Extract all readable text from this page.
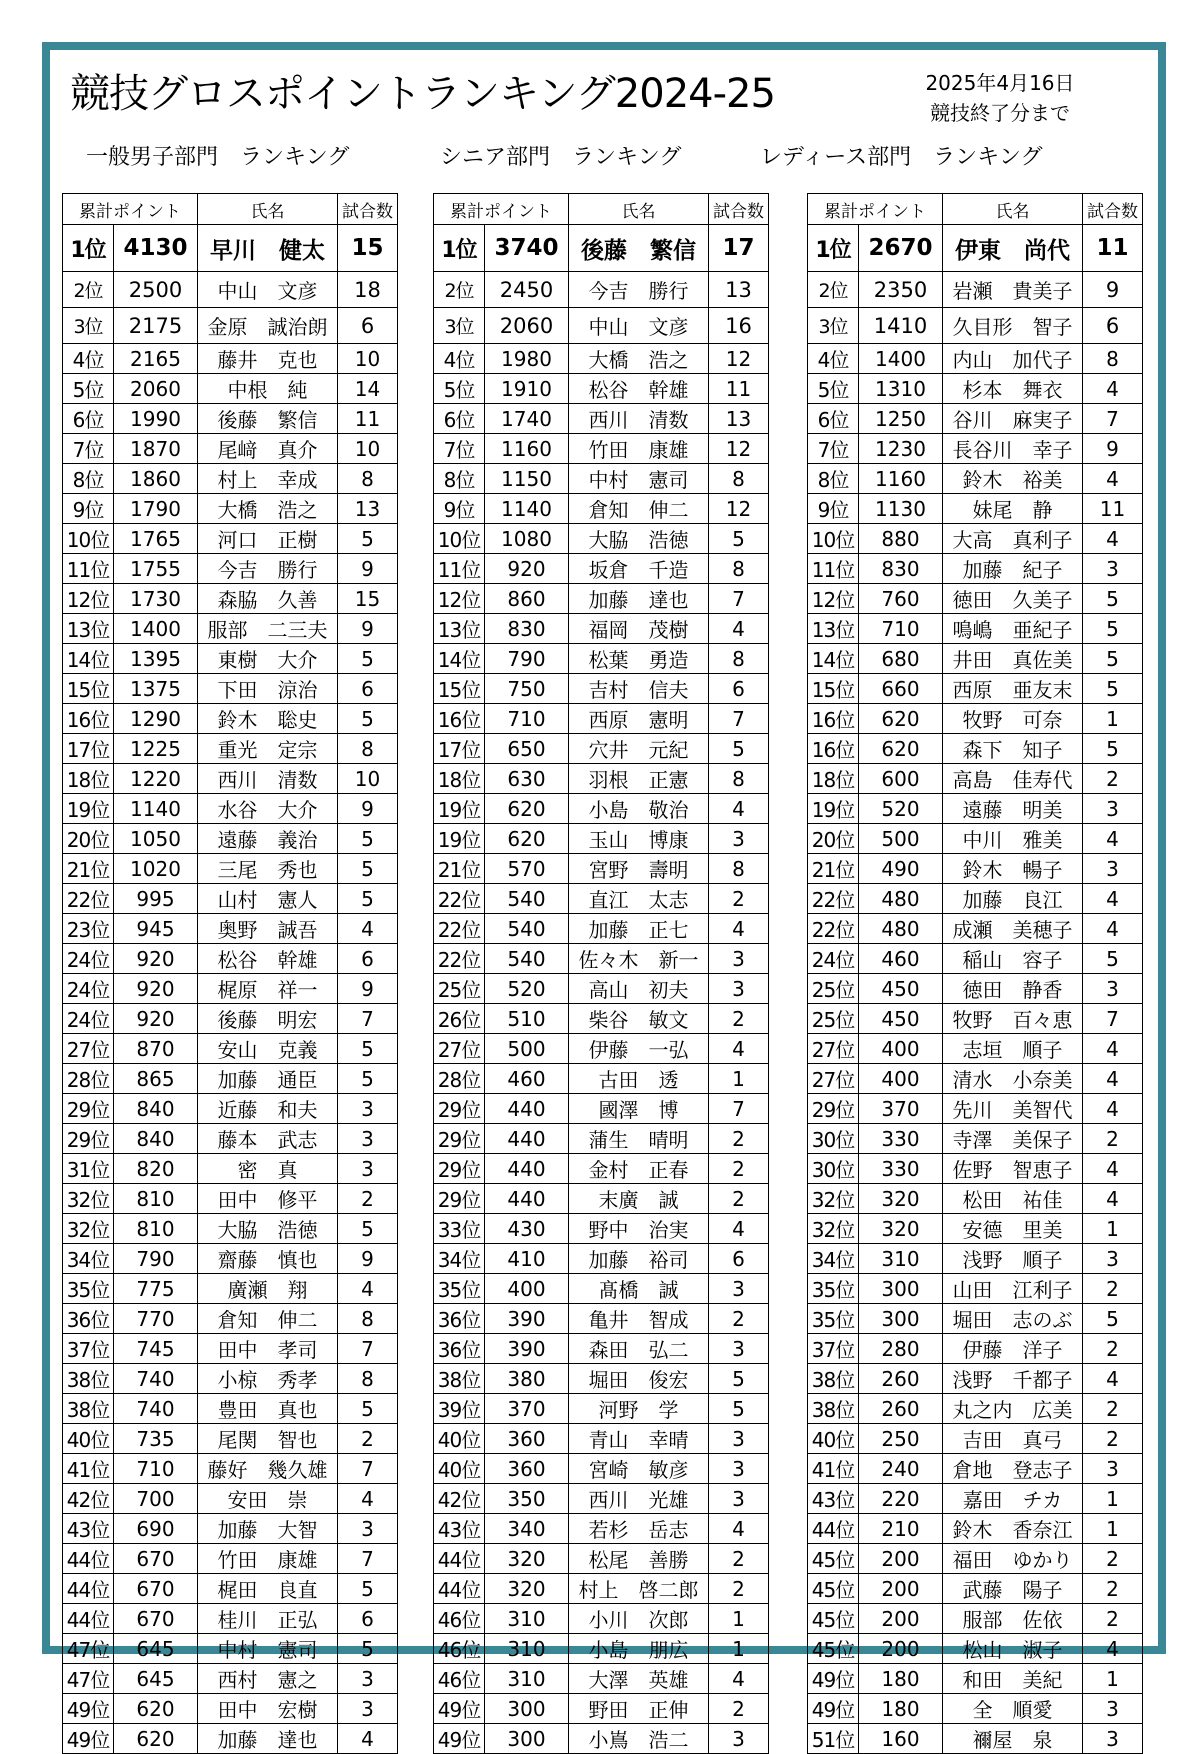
競技グロスポイントランキング2024-25	2025年4月16日
競技終了分まで
一般男子部門　ランキング	シニア部門　ランキング	レディース部門　ランキング
累計ポイント		氏名	試合数
1位	4130	早川　健太	15
2位	2500	中山　文彦	18
3位	2175	金原　誠治朗	6
4位	2165	藤井　克也	10
5位	2060	中根　純	14
6位	1990	後藤　繁信	11
7位	1870	尾﨑　真介	10
8位	1860	村上　幸成	8
9位	1790	大橋　浩之	13
10位	1765	河口　正樹	5
11位	1755	今吉　勝行	9
12位	1730	森脇　久善	15
13位	1400	服部　二三夫	9
14位	1395	東樹　大介	5
15位	1375	下田　涼治	6
16位	1290	鈴木　聡史	5
17位	1225	重光　定宗	8
18位	1220	西川　清数	10
19位	1140	水谷　大介	9
20位	1050	遠藤　義治	5
21位	1020	三尾　秀也	5
22位	995	山村　憲人	5
23位	945	奥野　誠吾	4
24位	920	松谷　幹雄	6
24位	920	梶原　祥一	9
24位	920	後藤　明宏	7
27位	870	安山　克義	5
28位	865	加藤　通臣	5
29位	840	近藤　和夫	3
29位	840	藤本　武志	3
31位	820	密　真	3
32位	810	田中　修平	2
32位	810	大脇　浩徳	5
34位	790	齋藤　慎也	9
35位	775	廣瀬　翔	4
36位	770	倉知　伸二	8
37位	745	田中　孝司	7
38位	740	小椋　秀孝	8
38位	740	豊田　真也	5
40位	735	尾関　智也	2
41位	710	藤好　幾久雄	7
42位	700	安田　崇	4
43位	690	加藤　大智	3
44位	670	竹田　康雄	7
44位	670	梶田　良直	5
44位	670	桂川　正弘	6
47位	645	中村　憲司	5
47位	645	西村　憲之	3
49位	620	田中　宏樹	3
49位	620	加藤　達也	4
累計ポイント		氏名	試合数
1位	3740	後藤　繁信	17
2位	2450	今吉　勝行	13
3位	2060	中山　文彦	16
4位	1980	大橋　浩之	12
5位	1910	松谷　幹雄	11
6位	1740	西川　清数	13
7位	1160	竹田　康雄	12
8位	1150	中村　憲司	8
9位	1140	倉知　伸二	12
10位	1080	大脇　浩徳	5
11位	920	坂倉　千造	8
12位	860	加藤　達也	7
13位	830	福岡　茂樹	4
14位	790	松葉　勇造	8
15位	750	吉村　信夫	6
16位	710	西原　憲明	7
17位	650	穴井　元紀	5
18位	630	羽根　正憲	8
19位	620	小島　敬治	4
19位	620	玉山　博康	3
21位	570	宮野　壽明	8
22位	540	直江　太志	2
22位	540	加藤　正七	4
22位	540	佐々木　新一	3
25位	520	高山　初夫	3
26位	510	柴谷　敏文	2
27位	500	伊藤　一弘	4
28位	460	古田　透	1
29位	440	國澤　博	7
29位	440	蒲生　晴明	2
29位	440	金村　正春	2
29位	440	末廣　誠	2
33位	430	野中　治実	4
34位	410	加藤　裕司	6
35位	400	髙橋　誠	3
36位	390	亀井　智成	2
36位	390	森田　弘二	3
38位	380	堀田　俊宏	5
39位	370	河野　学	5
40位	360	青山　幸晴	3
40位	360	宮崎　敏彦	3
42位	350	西川　光雄	3
43位	340	若杉　岳志	4
44位	320	松尾　善勝	2
44位	320	村上　啓二郎	2
46位	310	小川　次郎	1
46位	310	小島　朋広	1
46位	310	大澤　英雄	4
49位	300	野田　正伸	2
49位	300	小嶌　浩二	3
累計ポイント		氏名	試合数
1位	2670	伊東　尚代	11
2位	2350	岩瀬　貴美子	9
3位	1410	久目形　智子	6
4位	1400	内山　加代子	8
5位	1310	杉本　舞衣	4
6位	1250	谷川　麻実子	7
7位	1230	長谷川　幸子	9
8位	1160	鈴木　裕美	4
9位	1130	妹尾　静	11
10位	880	大高　真利子	4
11位	830	加藤　紀子	3
12位	760	徳田　久美子	5
13位	710	鳴嶋　亜紀子	5
14位	680	井田　真佐美	5
15位	660	西原　亜友末	5
16位	620	牧野　可奈	1
16位	620	森下　知子	5
18位	600	高島　佳寿代	2
19位	520	遠藤　明美	3
20位	500	中川　雅美	4
21位	490	鈴木　暢子	3
22位	480	加藤　良江	4
22位	480	成瀬　美穂子	4
24位	460	稲山　容子	5
25位	450	徳田　静香	3
25位	450	牧野　百々恵	7
27位	400	志垣　順子	4
27位	400	清水　小奈美	4
29位	370	先川　美智代	4
30位	330	寺澤　美保子	2
30位	330	佐野　智恵子	4
32位	320	松田　祐佳	4
32位	320	安德　里美	1
34位	310	浅野　順子	3
35位	300	山田　江利子	2
35位	300	堀田　志のぶ	5
37位	280	伊藤　洋子	2
38位	260	浅野　千都子	4
38位	260	丸之内　広美	2
40位	250	吉田　真弓	2
41位	240	倉地　登志子	3
43位	220	嘉田　チカ	1
44位	210	鈴木　香奈江	1
45位	200	福田　ゆかり	2
45位	200	武藤　陽子	2
45位	200	服部　佐依	2
45位	200	松山　淑子	4
49位	180	和田　美紀	1
49位	180	全　順愛	3
51位	160	禰屋　泉	3
